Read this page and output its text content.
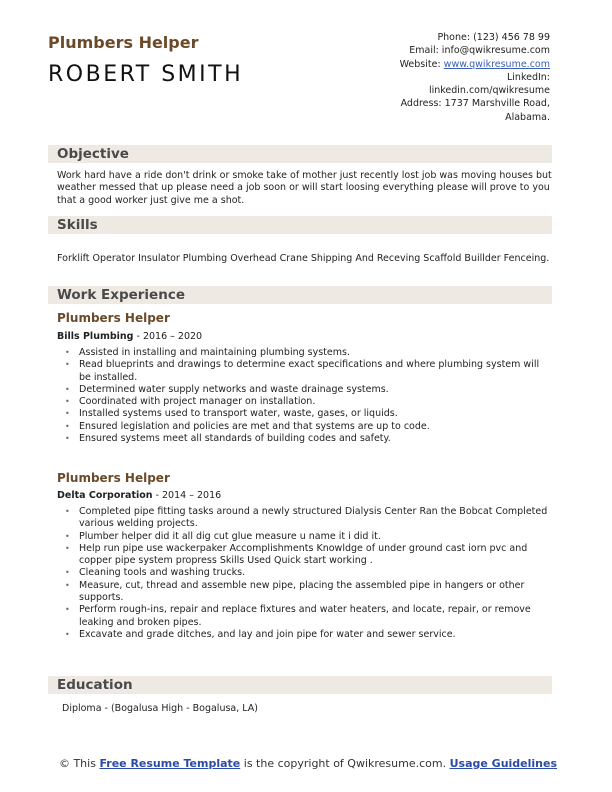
Plumbers Helper
ROBERT SMITH
Phone: (123) 456 78 99
Email: info@qwikresume.com
Website: www.qwikresume.com
LinkedIn:
linkedin.com/qwikresume
Address: 1737 Marshville Road,
Alabama.
Objective
Work hard have a ride don't drink or smoke take of mother just recently lost job was moving houses but weather messed that up please need a job soon or will start loosing everything please will prove to you that a good worker just give me a shot.
Skills
Forklift Operator Insulator Plumbing Overhead Crane Shipping And Receving Scaffold Buillder Fenceing.
Work Experience
Plumbers Helper
Bills Plumbing - 2016 – 2020
• Assisted in installing and maintaining plumbing systems.
• Read blueprints and drawings to determine exact specifications and where plumbing system will be installed.
• Determined water supply networks and waste drainage systems.
• Coordinated with project manager on installation.
• Installed systems used to transport water, waste, gases, or liquids.
• Ensured legislation and policies are met and that systems are up to code.
• Ensured systems meet all standards of building codes and safety.
Plumbers Helper
Delta Corporation - 2014 – 2016
• Completed pipe fitting tasks around a newly structured Dialysis Center Ran the Bobcat Completed various welding projects.
• Plumber helper did it all dig cut glue measure u name it i did it.
• Help run pipe use wackerpaker Accomplishments Knowldge of under ground cast iorn pvc and copper pipe system propress Skills Used Quick start working .
• Cleaning tools and washing trucks.
• Measure, cut, thread and assemble new pipe, placing the assembled pipe in hangers or other supports.
• Perform rough-ins, repair and replace fixtures and water heaters, and locate, repair, or remove leaking and broken pipes.
• Excavate and grade ditches, and lay and join pipe for water and sewer service.
Education
Diploma - (Bogalusa High - Bogalusa, LA)
© This Free Resume Template is the copyright of Qwikresume.com. Usage Guidelines
